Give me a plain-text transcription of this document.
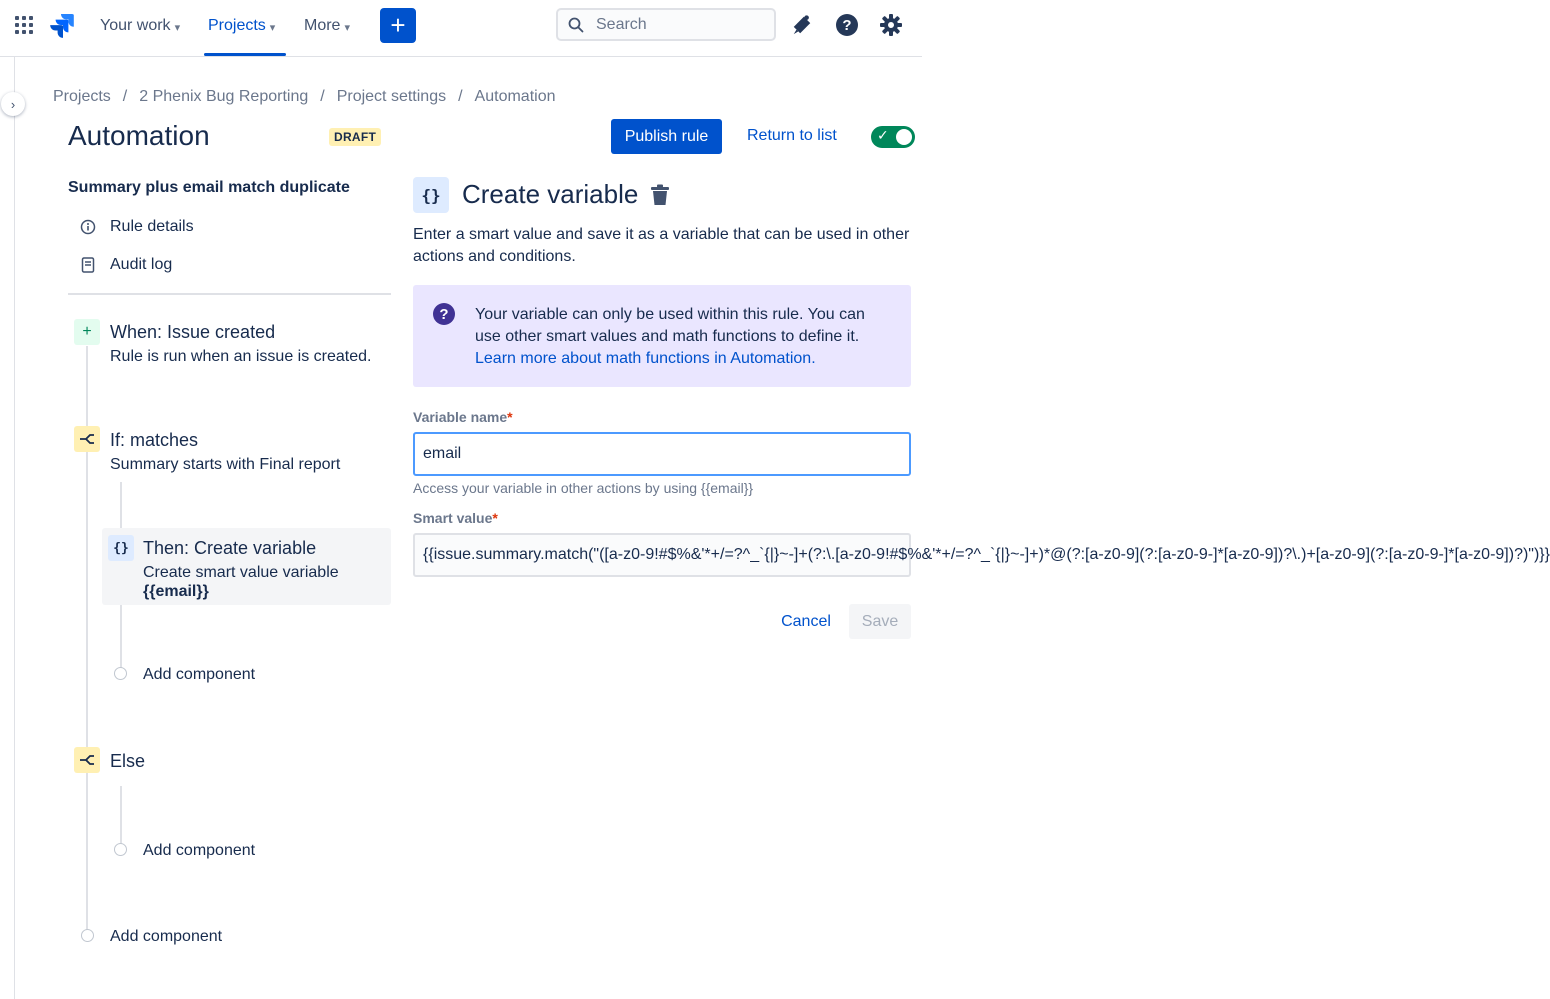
Your work ▾ Projects ▾ More ▾ +
Search	?
› Projects / 2 Phenix Bug Reporting / Project settings / Automation
Automation	DRAFT	Publish rule	Return to list	✓
Summary plus email match duplicate
Rule details
Audit log
+	When: Issue created
Rule is run when an issue is created.
If: matches
Summary starts with Final report
{} Then: Create variable
Create smart value variable
{{email}}
Add component
Else
Add component
Add component
{} Create variable
Enter a smart value and save it as a variable that can be used in other actions and conditions.
?	Your variable can only be used within this rule. You can use other smart values and math functions to define it. Learn more about math functions in Automation.
Variable name*
email
Access your variable in other actions by using {{email}}
Smart value*
{{issue.summary.match("([a-z0-9!#$%&'*+/=?^_`{|}~-]+(?:\.[a-z0-9!#$%&'*+/=?^_`{|}~-]+)*@(?:[a-z0-9](?:[a-z0-9-]*[a-z0-9])?\.)+[a-z0-9](?:[a-z0-9-]*[a-z0-9])?)")}}
Cancel	Save
